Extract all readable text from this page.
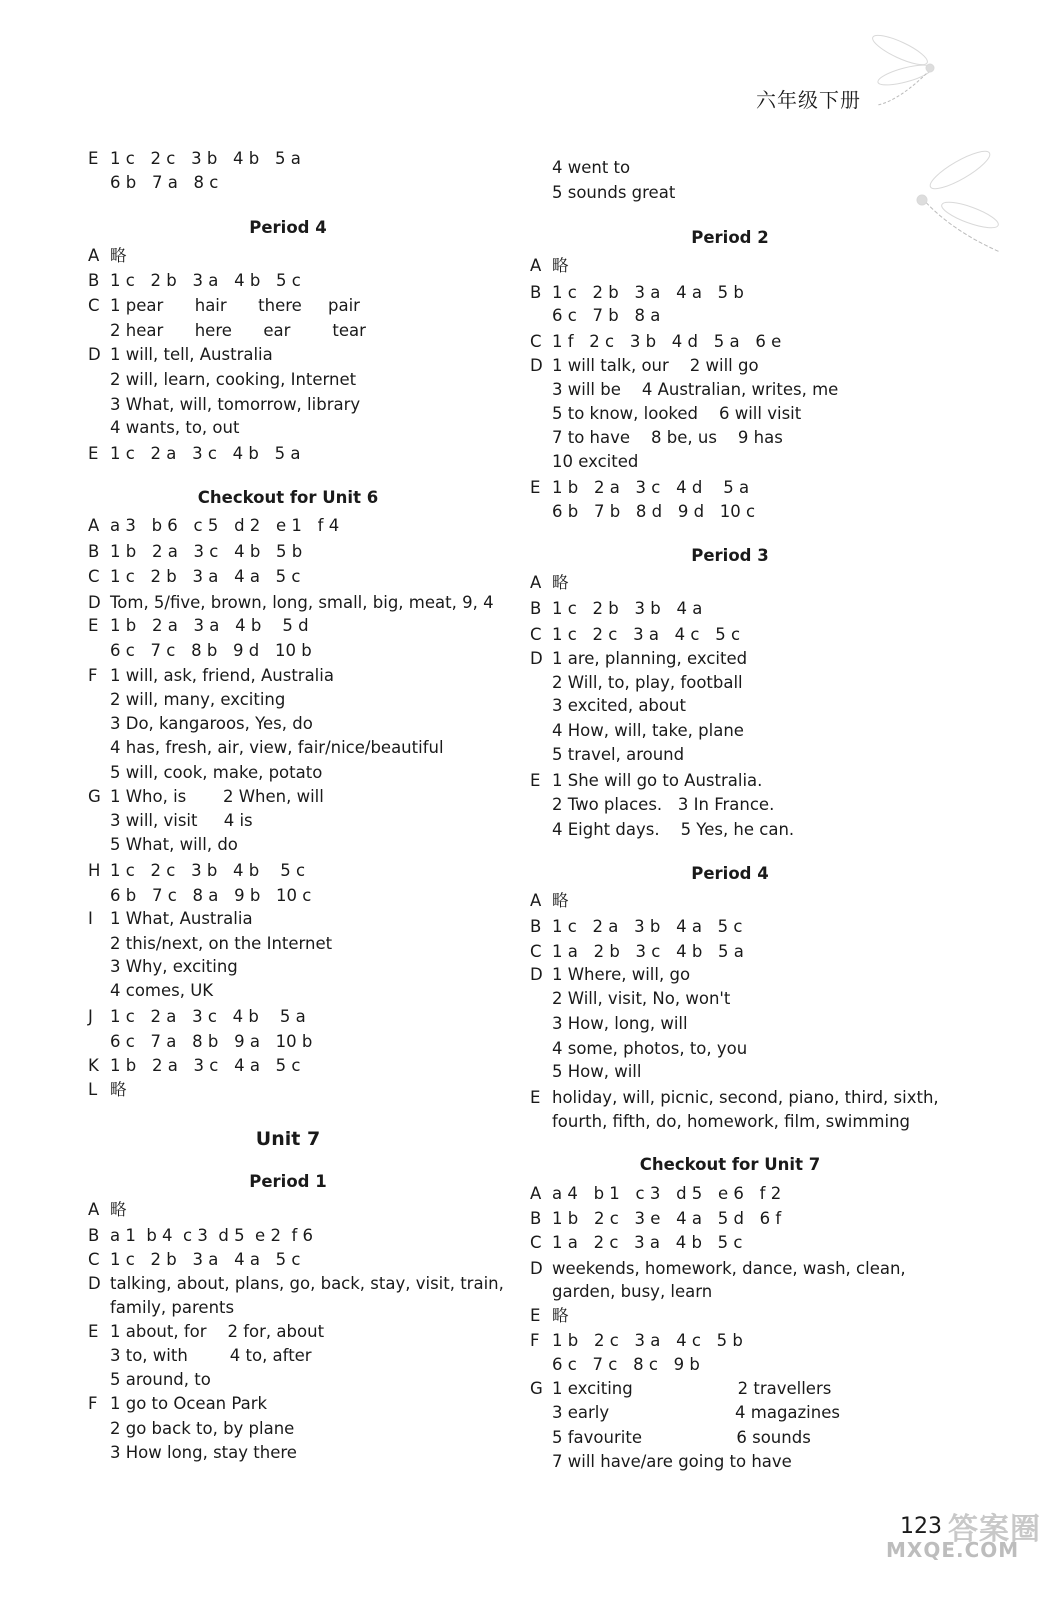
六年级下册
E 1 c   2 c   3 b   4 b   5 a
6 b   7 a   8 c
Period 4
A 略
B 1 c   2 b   3 a   4 b   5 c
C 1 pear      hair      there     pair
2 hear      here      ear        tear
D 1 will, tell, Australia
2 will, learn, cooking, Internet
3 What, will, tomorrow, library
4 wants, to, out
E 1 c   2 a   3 c   4 b   5 a
Checkout for Unit 6
A a 3   b 6   c 5   d 2   e 1   f 4
B 1 b   2 a   3 c   4 b   5 b
C 1 c   2 b   3 a   4 a   5 c
D Tom, 5/five, brown, long, small, big, meat, 9, 4
E 1 b   2 a   3 a   4 b    5 d
6 c   7 c   8 b   9 d   10 b
F 1 will, ask, friend, Australia
2 will, many, exciting
3 Do, kangaroos, Yes, do
4 has, fresh, air, view, fair/nice/beautiful
5 will, cook, make, potato
G 1 Who, is       2 When, will
3 will, visit     4 is
5 What, will, do
H 1 c   2 c   3 b   4 b    5 c
6 b   7 c   8 a   9 b   10 c
I	1 What, Australia
2 this/next, on the Internet
3 Why, exciting
4 comes, UK
J	1 c   2 a   3 c   4 b    5 a
6 c   7 a   8 b   9 a   10 b
K 1 b   2 a   3 c   4 a   5 c
L 略
Unit 7
Period 1
A 略
B a 1  b 4  c 3  d 5  e 2  f 6
C 1 c   2 b   3 a   4 a   5 c
D talking, about, plans, go, back, stay, visit, train,
family, parents
E 1 about, for    2 for, about
3 to, with        4 to, after
5 around, to
F 1 go to Ocean Park
2 go back to, by plane
3 How long, stay there
4 went to
5 sounds great
Period 2
A 略
B 1 c   2 b   3 a   4 a   5 b
6 c   7 b   8 a
C 1 f   2 c   3 b   4 d   5 a   6 e
D 1 will talk, our    2 will go
3 will be    4 Australian, writes, me
5 to know, looked    6 will visit
7 to have    8 be, us    9 has
10 excited
E 1 b   2 a   3 c   4 d    5 a
6 b   7 b   8 d   9 d   10 c
Period 3
A 略
B 1 c   2 b   3 b   4 a
C 1 c   2 c   3 a   4 c   5 c
D 1 are, planning, excited
2 Will, to, play, football
3 excited, about
4 How, will, take, plane
5 travel, around
E 1 She will go to Australia.
2 Two places.   3 In France.
4 Eight days.    5 Yes, he can.
Period 4
A 略
B 1 c   2 a   3 b   4 a   5 c
C 1 a   2 b   3 c   4 b   5 a
D 1 Where, will, go
2 Will, visit, No, won't
3 How, long, will
4 some, photos, to, you
5 How, will
E holiday, will, picnic, second, piano, third, sixth,
fourth, fifth, do, homework, film, swimming
Checkout for Unit 7
A a 4   b 1   c 3   d 5   e 6   f 2
B 1 b   2 c   3 e   4 a   5 d   6 f
C 1 a   2 c   3 a   4 b   5 c
D weekends, homework, dance, wash, clean,
garden, busy, learn
E 略
F 1 b   2 c   3 a   4 c   5 b
6 c   7 c   8 c   9 b
G 1 exciting                    2 travellers
3 early                        4 magazines
5 favourite                  6 sounds
7 will have/are going to have
123 答案圈
MXQE.COM
